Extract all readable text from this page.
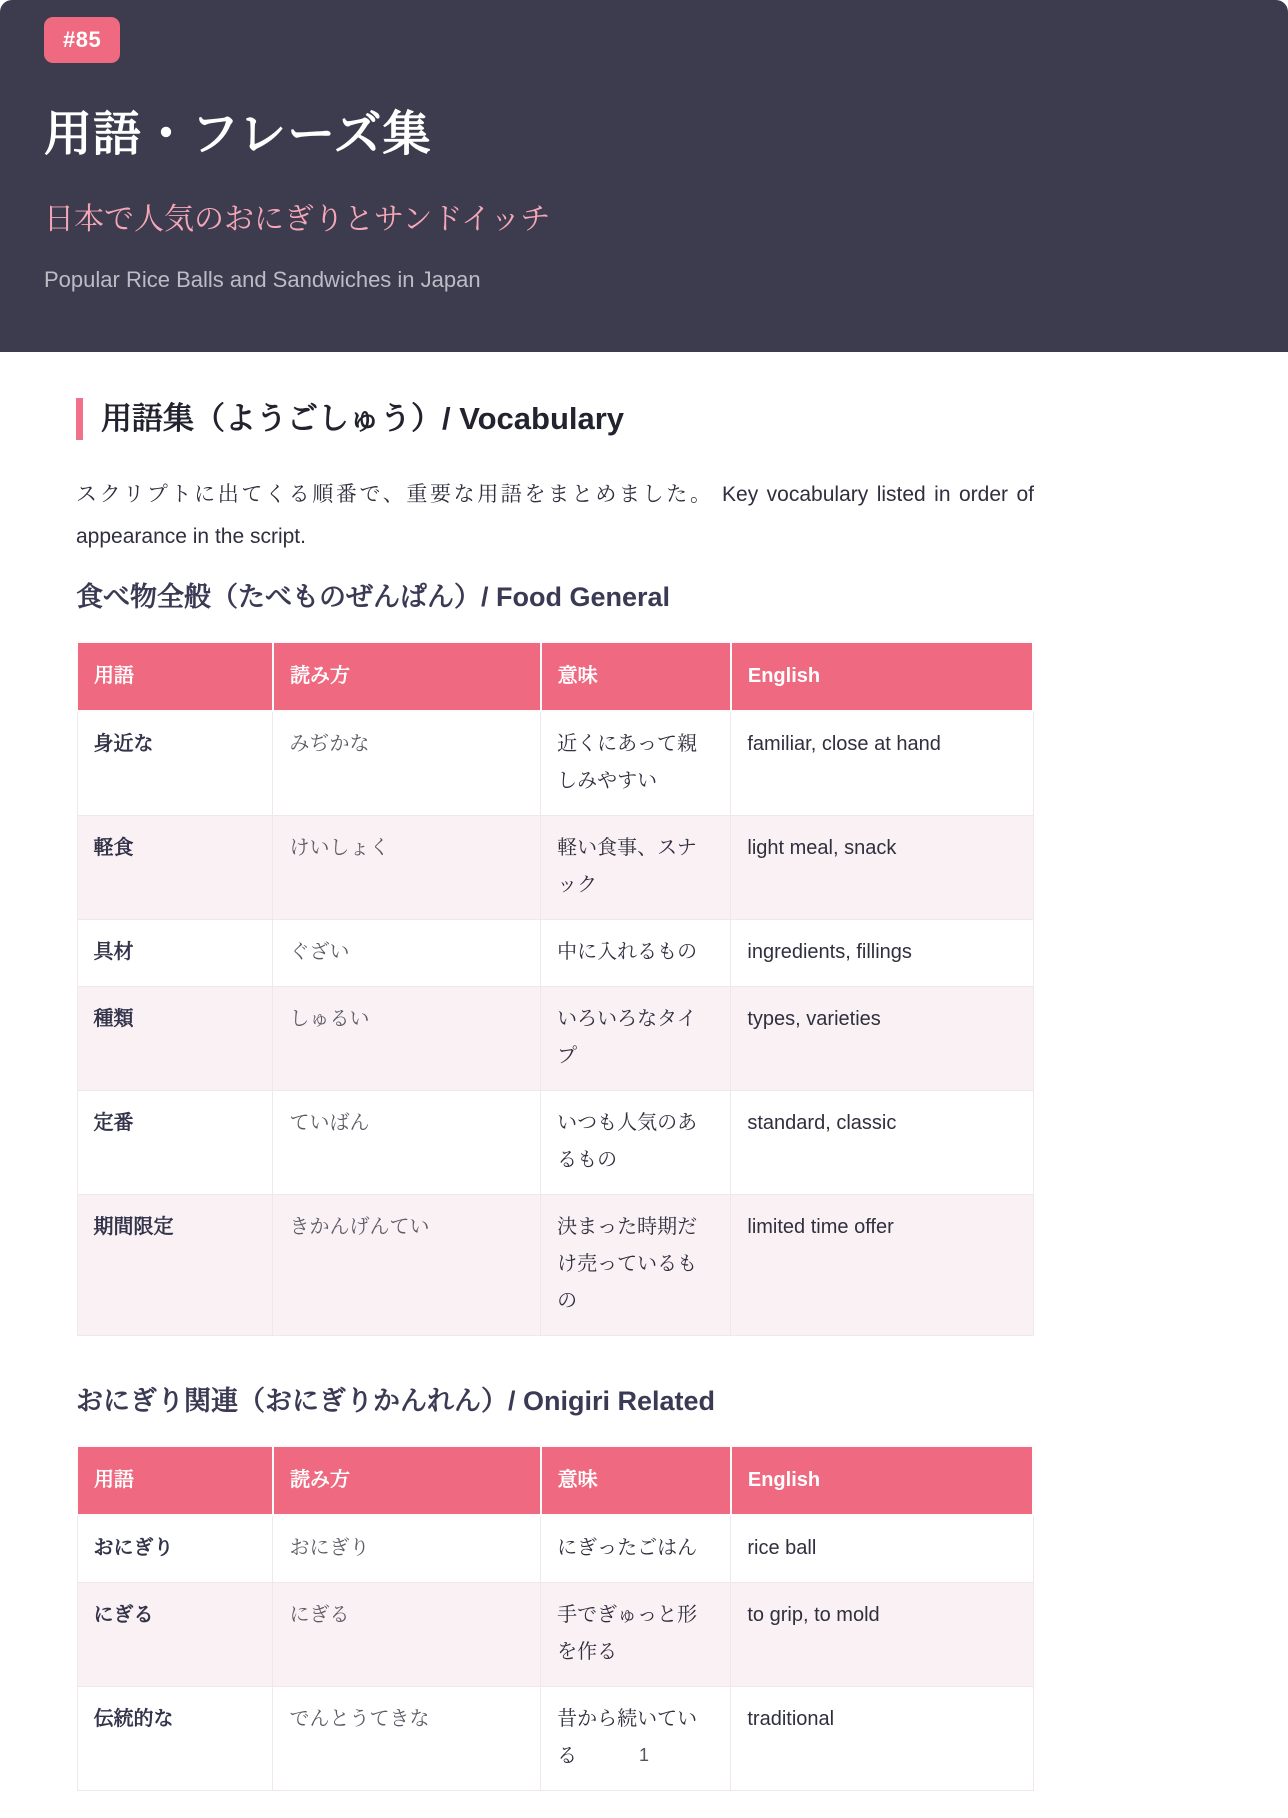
#85
用語・フレーズ集
日本で人気のおにぎりとサンドイッチ
Popular Rice Balls and Sandwiches in Japan
用語集（ようごしゅう）/ Vocabulary

スクリプトに出てくる順番で、重要な用語をまとめました。 Key vocabulary listed in order of appearance in the script.

食べ物全般（たべものぜんぱん）/ Food General
用語	読み方	意味	English
身近な	みぢかな	近くにあって親しみやすい	familiar, close at hand
軽食	けいしょく	軽い食事、スナック	light meal, snack
具材	ぐざい	中に入れるもの	ingredients, fillings
種類	しゅるい	いろいろなタイプ	types, varieties
定番	ていばん	いつも人気のあるもの	standard, classic
期間限定	きかんげんてい	決まった時期だけ売っているもの	limited time offer
おにぎり関連（おにぎりかんれん）/ Onigiri Related
用語	読み方	意味	English
おにぎり	おにぎり	にぎったごはん	rice ball
にぎる	にぎる	手でぎゅっと形を作る	to grip, to mold
伝統的な	でんとうてきな	昔から続いている	traditional
1
